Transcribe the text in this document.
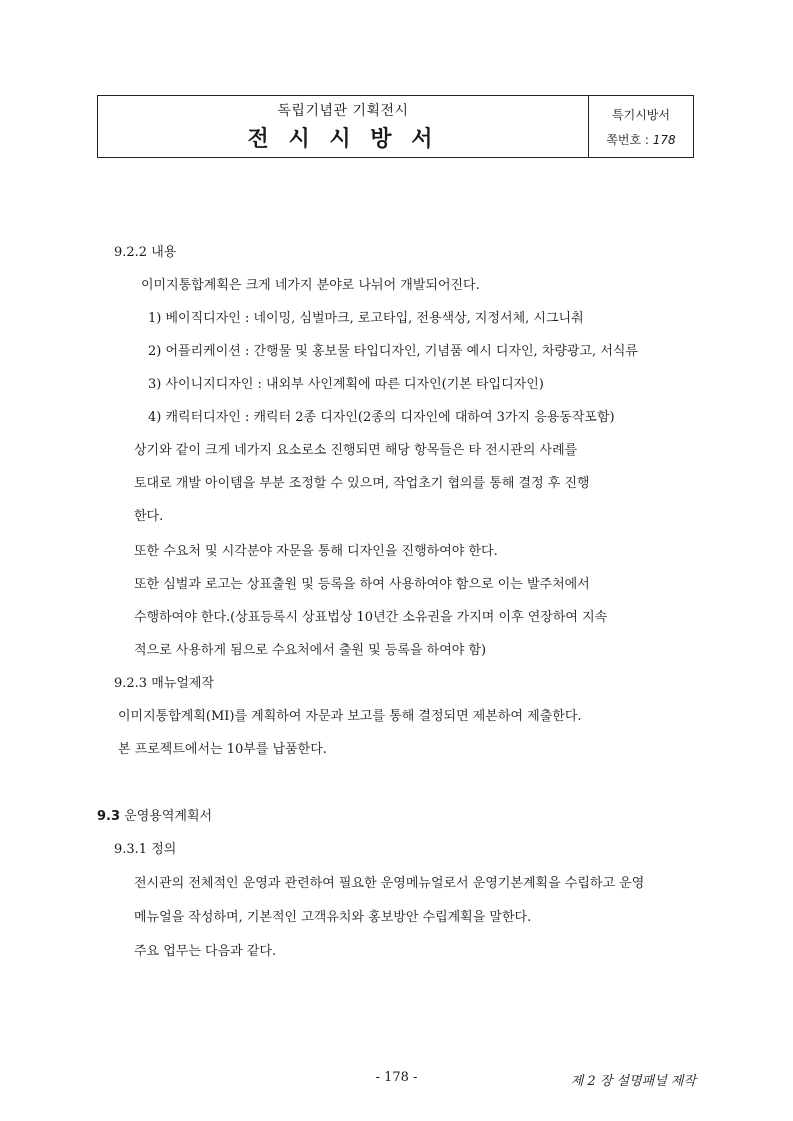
독립기념관 기획전시
전 시 시 방 서
특기시방서
쪽번호 : 178
9.2.2 내용
이미지통합계획은 크게 네가지 분야로 나뉘어 개발되어진다.
1) 베이직디자인 : 네이밍, 심벌마크, 로고타입, 전용색상, 지정서체, 시그니춰
2) 어플리케이션 : 간행물 및 홍보물 타입디자인, 기념품 예시 디자인, 차량광고, 서식류
3) 사이니지디자인 : 내외부 사인계획에 따른 디자인(기본 타입디자인)
4) 캐릭터디자인 : 캐릭터 2종 디자인(2종의 디자인에 대하여 3가지 응용동작포함)
상기와 같이 크게 네가지 요소로소 진행되면 해당 항목들은 타 전시관의 사례를
토대로 개발 아이템을 부분 조정할 수 있으며, 작업초기 협의를 통해 결정 후 진행
한다.
또한 수요처 및 시각분야 자문을 통해 디자인을 진행하여야 한다.
또한 심벌과 로고는 상표출원 및 등록을 하여 사용하여야 함으로 이는 발주처에서
수행하여야 한다.(상표등록시 상표법상 10년간 소유권을 가지며 이후 연장하여 지속
적으로 사용하게 됨으로 수요처에서 출원 및 등록을 하여야 함)
9.2.3 매뉴얼제작
이미지통합계획(MI)를 계획하여 자문과 보고를 통해 결정되면 제본하여 제출한다.
본 프로젝트에서는 10부를 납품한다.
9.3 운영용역계획서
9.3.1 정의
전시관의 전체적인 운영과 관련하여 필요한 운영메뉴얼로서 운영기본계획을 수립하고 운영
메뉴얼을 작성하며, 기본적인 고객유치와 홍보방안 수립계획을 말한다.
주요 업무는 다음과 같다.
- 178 -	제 2 장 설명패널 제작
